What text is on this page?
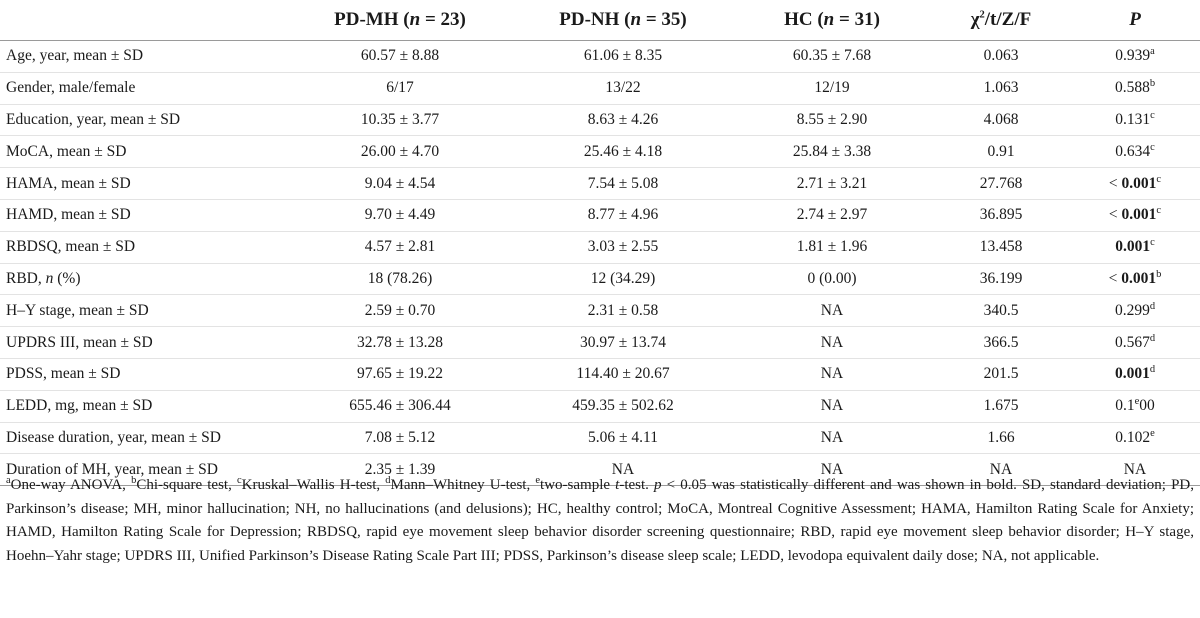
	PD-MH (n = 23)	PD-NH (n = 35)	HC (n = 31)	$\chi^2/t/Z/F$	P
Age, year, mean ± SD	60.57 ± 8.88	61.06 ± 8.35	60.35 ± 7.68	0.063	0.939$^a$
Gender, male/female	6/17	13/22	12/19	1.063	0.588$^b$
Education, year, mean ± SD	10.35 ± 3.77	8.63 ± 4.26	8.55 ± 2.90	4.068	0.131$^c$
MoCA, mean ± SD	26.00 ± 4.70	25.46 ± 4.18	25.84 ± 3.38	0.91	0.634$^c$
HAMA, mean ± SD	9.04 ± 4.54	7.54 ± 5.08	2.71 ± 3.21	27.768	< 0.001$^c$
HAMD, mean ± SD	9.70 ± 4.49	8.77 ± 4.96	2.74 ± 2.97	36.895	< 0.001$^c$
RBDSQ, mean ± SD	4.57 ± 2.81	3.03 ± 2.55	1.81 ± 1.96	13.458	0.001$^c$
RBD, n (%)	18 (78.26)	12 (34.29)	0 (0.00)	36.199	< 0.001$^b$
H–Y stage, mean ± SD	2.59 ± 0.70	2.31 ± 0.58	NA	340.5	0.299$^d$
UPDRS III, mean ± SD	32.78 ± 13.28	30.97 ± 13.74	NA	366.5	0.567$^d$
PDSS, mean ± SD	97.65 ± 19.22	114.40 ± 20.67	NA	201.5	0.001$^d$
LEDD, mg, mean ± SD	655.46 ± 306.44	459.35 ± 502.62	NA	1.675	0.1e00
Disease duration, year, mean ± SD	7.08 ± 5.12	5.06 ± 4.11	NA	1.66	0.102e
Duration of MH, year, mean ± SD	2.35 ± 1.39	NA	NA	NA	NA
$^a$One-way ANOVA, $^b$Chi-square test, $^c$Kruskal–Wallis H-test, $^d$Mann–Whitney U-test, $^e$two-sample t-test. p < 0.05 was statistically different and was shown in bold. SD, standard deviation; PD, Parkinson’s disease; MH, minor hallucination; NH, no hallucinations (and delusions); HC, healthy control; MoCA, Montreal Cognitive Assessment; HAMA, Hamilton Rating Scale for Anxiety; HAMD, Hamilton Rating Scale for Depression; RBDSQ, rapid eye movement sleep behavior disorder screening questionnaire; RBD, rapid eye movement sleep behavior disorder; H–Y stage, Hoehn–Yahr stage; UPDRS III, Unified Parkinson’s Disease Rating Scale Part III; PDSS, Parkinson’s disease sleep scale; LEDD, levodopa equivalent daily dose; NA, not applicable.
